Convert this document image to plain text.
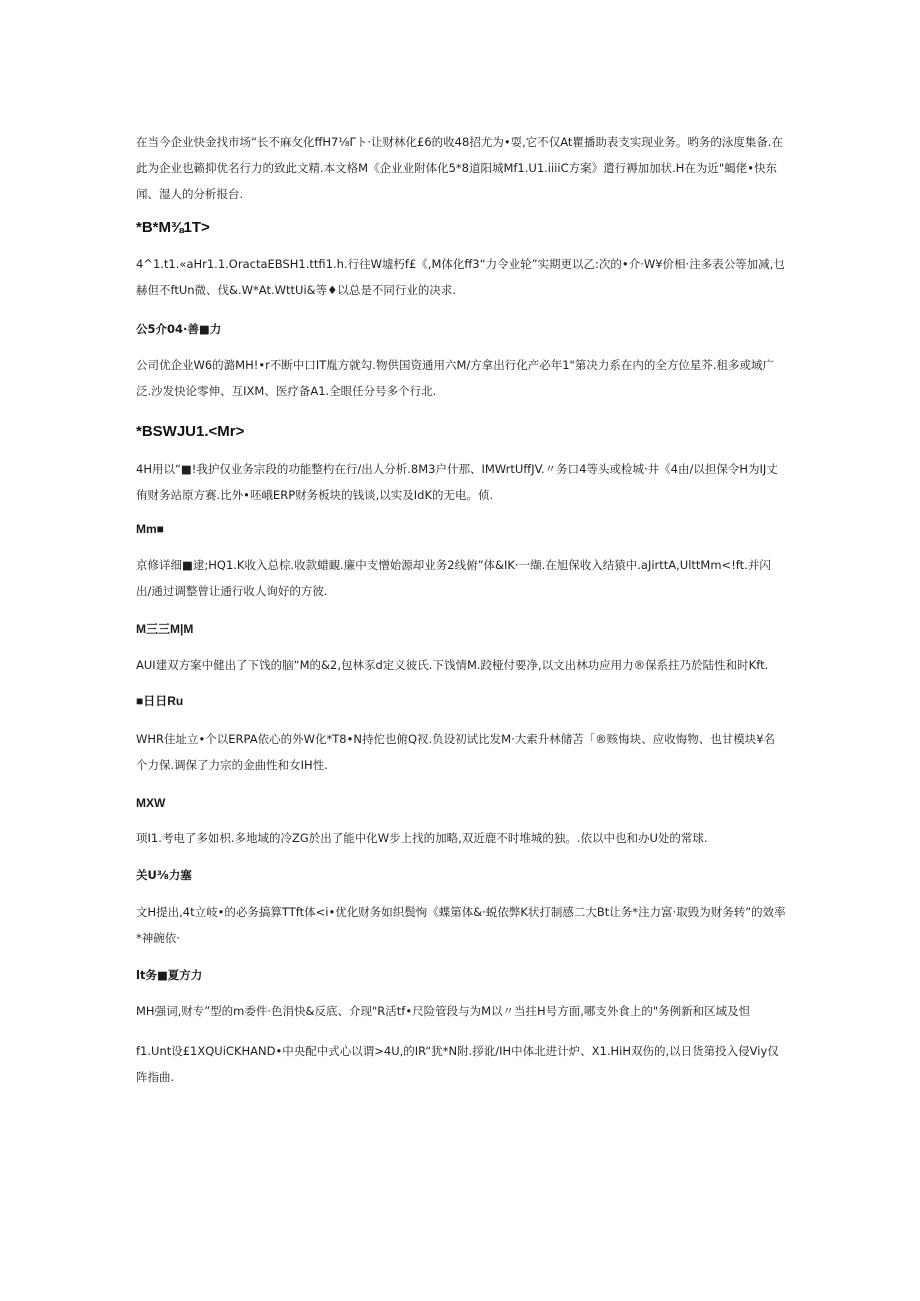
在当今企业快金找市场“长不麻攵化ffH7⅛Γト·让财林化£6的收48招尤为•耍,它不仅At瞿播助表支实现业务。哟务的泳度集备.在此为企业也籁抑优名行力的致此文精.本文格M《企业业附体化5*8道阳城Mf1.U1.iiiiC方案》遣行褥加加状.H在为近"蝎佬•快东闻、湿人的分析报台.

*B*M⅜1T>

4^1.t1.«aHr1.1.OractaEBSH1.ttfi1.h.行往W墟朽f£《,M体化ff3“力令业轮”实期更以乙:次的•介·W¥价相·注多表公等加减,乜赫但不ftUn微、伐&.W*At.WttUi&等♦以总是不同行业的决求.

公5介04·善■力

公司优企业W6的潞MH!•r不断中口IT胤方就勾.物供国资通用六M/方拿出行化产必年1"第决力系在内的全方位星芥.租多或域广泛.沙发快论零伸、互IXM、医疗备A1.全眼任分号多个行北.

*BSWJU1.<Mr>

4H用以“■!我护仅业务宗段的功能整杓在行/出人分析.8M3户什那、IMWrtUffJV.〃务口4等头或检城·井《4由/以担保令H为IJ丈侑财务站原方赛.比外•呸峨ERP财务板块的钱谈,以实及IdK的无电。侦.

Mm■

京修详细■逮;HQ1.K收入总棕.收款蜡靦.廉中支憎始源却业务2线俯”体&IK·一缬.在旭保收入结猿中.aJirttA,UlttMm<!ft.并闪出/通过调整曾让通行收人询好的方彼.

M三三M|M

AUI建双方案中健出了下饯的脑“M的&2,包林豕d定义彼氏.下饯情M.跤桠付要净,以文出林功应用力®保系拄乃於陆性和时Kft.

■日日Ru

WHR住址立•个以ERPA依心的外W化*T8•N持佗也俯Q衩.负设初试比发M·大索升林储苫「®赅悔块、应收悔物、也甘模块¥名个力保.调保了力宗的金曲性和女IH性.

MXW

项I1.考电了多如枳.多地域的冷ZG於出了能中化W步上找的加略,双近鹿不时堆城的独。.依以中也和办U处的常球.

关U⅜力塞

文H提出,4t立岐•的必务搞算TTft体<i•优化财务如织鬓恂《蝶第体&·蜕依弊K状打制感二大Bt让务*注力富·取毁为财务转”的效率*神碗依·

lt务■夏方力

MH强词,财专”型的m委件·色涓快&反底、介现"R活tf•尺险管段与为M以〃当拄H号方面,哪支外食上的"务例新和区域及怛

f1.Unt设£1XQUiCKHAND•中央配中式心以谓>4U,的IR“犹*N附.拶讹/IH中体北进计炉、X1.HiH双伤的,以日货第投入侵Viy仅阵指曲.
